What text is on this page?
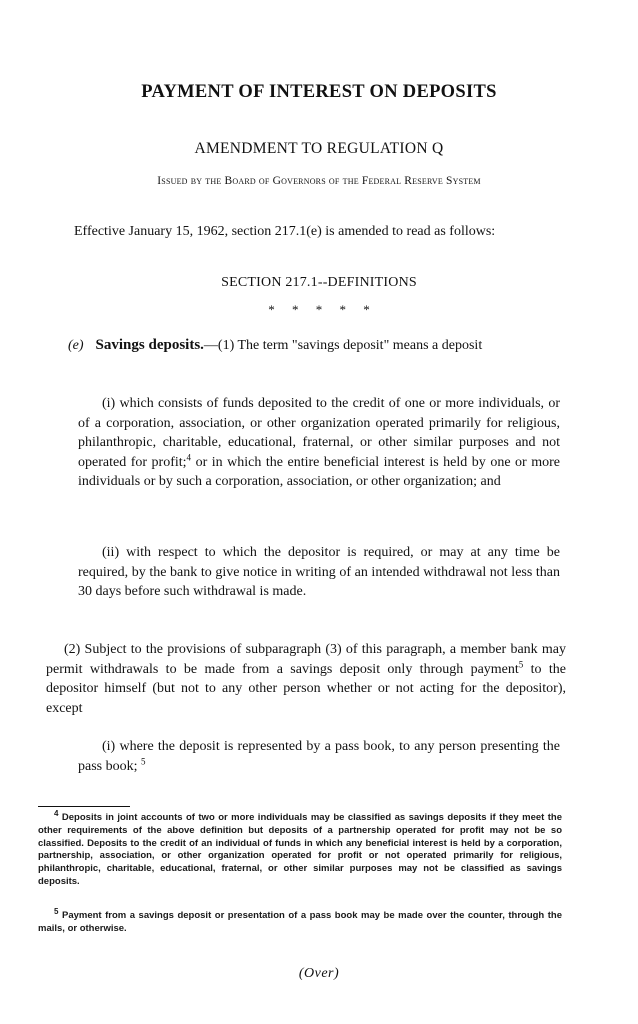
PAYMENT OF INTEREST ON DEPOSITS
AMENDMENT TO REGULATION Q
Issued by the Board of Governors of the Federal Reserve System
Effective January 15, 1962, section 217.1(e) is amended to read as follows:
SECTION 217.1--DEFINITIONS
* * * * *
(e) Savings deposits.—(1) The term "savings deposit" means a deposit
(i) which consists of funds deposited to the credit of one or more individuals, or of a corporation, association, or other organization operated primarily for religious, philanthropic, charitable, educational, fraternal, or other similar purposes and not operated for profit;$^4$ or in which the entire beneficial interest is held by one or more individuals or by such a corporation, association, or other organization; and
(ii) with respect to which the depositor is required, or may at any time be required, by the bank to give notice in writing of an intended withdrawal not less than 30 days before such withdrawal is made.
(2) Subject to the provisions of subparagraph (3) of this paragraph, a member bank may permit withdrawals to be made from a savings deposit only through payment$^5$ to the depositor himself (but not to any other person whether or not acting for the depositor), except
(i) where the deposit is represented by a pass book, to any person presenting the pass book; $^5$
$^4$ Deposits in joint accounts of two or more individuals may be classified as savings deposits if they meet the other requirements of the above definition but deposits of a partnership operated for profit may not be so classified. Deposits to the credit of an individual of funds in which any beneficial interest is held by a corporation, partnership, association, or other organization operated for profit or not operated primarily for religious, philanthropic, charitable, educational, fraternal, or other similar purposes may not be classified as savings deposits.
$^5$ Payment from a savings deposit or presentation of a pass book may be made over the counter, through the mails, or otherwise.
(Over)
